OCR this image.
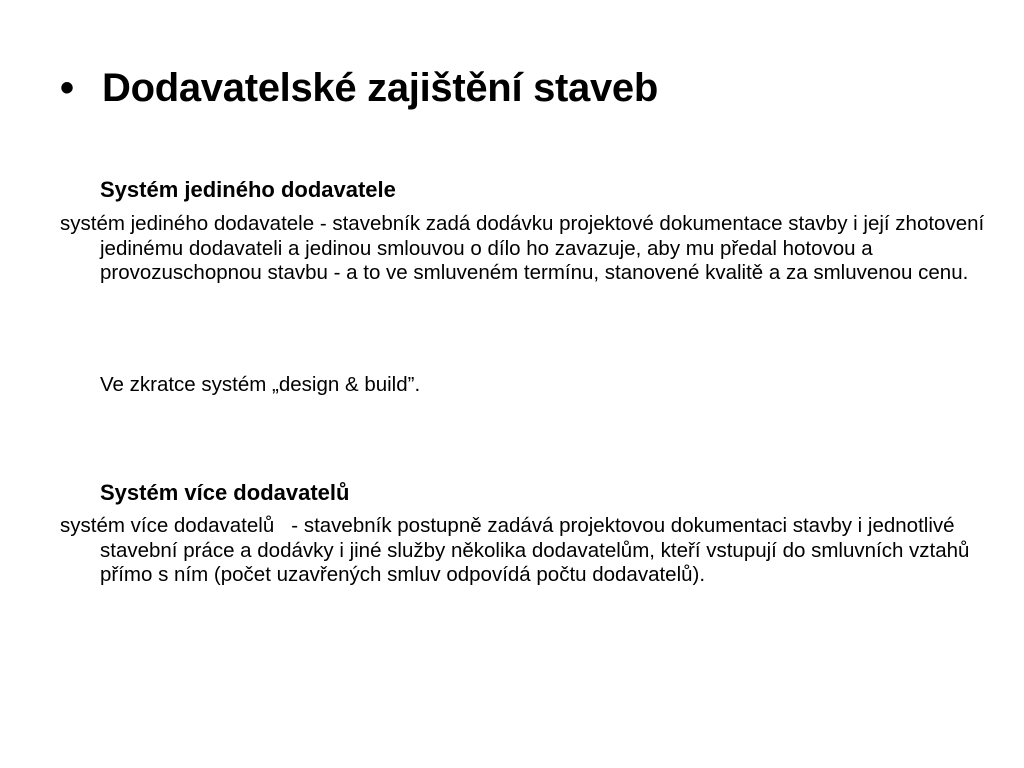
• Dodavatelské zajištění staveb
Systém jediného dodavatele
systém jediného dodavatele - stavebník zadá dodávku projektové dokumentace stavby i její zhotovení jedinému dodavateli a jedinou smlouvou o dílo ho zavazuje, aby mu předal hotovou a provozuschopnou stavbu - a to ve smluveném termínu, stanovené kvalitě a za smluvenou cenu.
Ve zkratce systém „design & build”.
Systém více dodavatelů
systém více dodavatelů   - stavebník postupně zadává projektovou dokumentaci stavby i jednotlivé stavební práce a dodávky i jiné služby několika dodavatelům, kteří vstupují do smluvních vztahů přímo s ním (počet uzavřených smluv odpovídá počtu dodavatelů).
